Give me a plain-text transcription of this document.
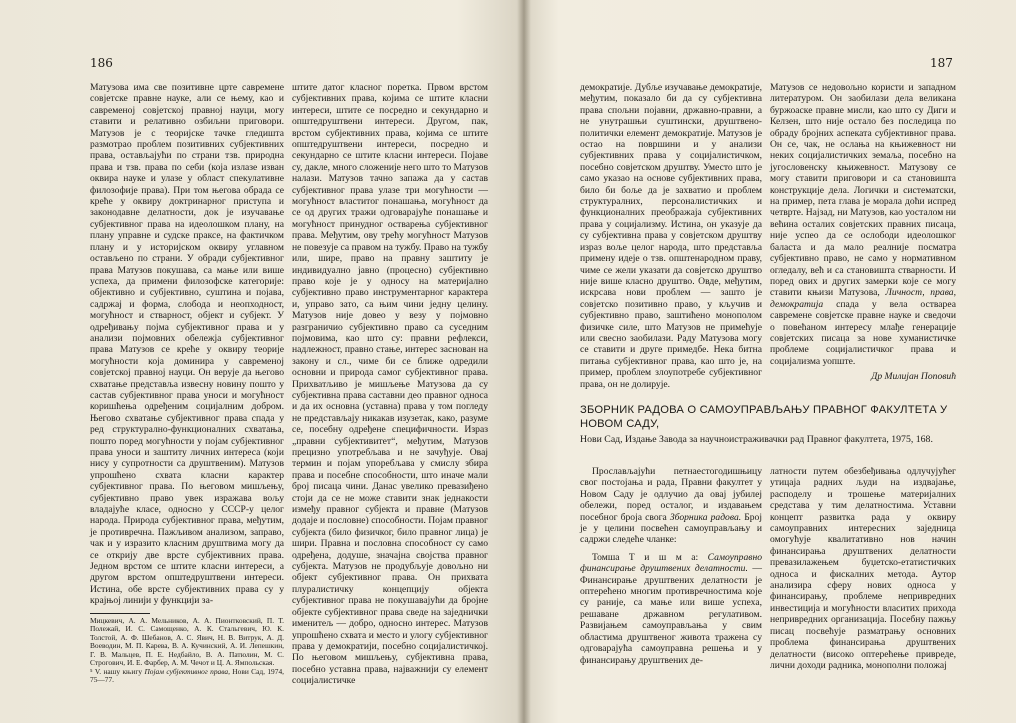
186

Матузова има све позитивне црте савремене совјетске правне науке, али се њему, као и савременој совјетској правној науци, могу ставити и релативно озбиљни приговори. Матузов је с теоријске тачке гледишта размотрао проблем позитивних субјективних права, остављајући по страни тзв. природна права и тзв. права по себи (која излазе изван оквира науке и улазе у област спекулативне филозофије права). При том његова обрада се креће у оквиру доктринарног приступа и законодавне делатности, док је изучавање субјективног права на идеолошком плану, на плану управне и судске праксе, на фактичком плану и у историјском оквиру углавном остављено по страни. У обради субјективног права Матузов покушава, са мање или више успеха, да примени филозофске категорије: објективно и субјективно, суштина и појава, садржај и форма, слобода и неопходност, могућност и стварност, објект и субјект. У одређивању појма субјективног права и у анализи појмовних обележја субјективног права Матузов се креће у оквиру теорије могућности која доминира у савременој совјетској правној науци. Он верује да његово схватање представља извесну новину пошто у састав субјективног права уноси и могућност коришћења одређеним социјалним добром. Његово схватање субјективног права спада у ред структурално-функционалних схватања, пошто поред могућности у појам субјективног права уноси и заштиту личних интереса (који нису у супротности са друштвеним). Матузов упрошћено схвата класни карактер субјективног права. По његовом мишљењу, субјективно право увек изражава вољу владајуће класе, односно у СССР-у целог народа. Природа субјективног права, међутим, је противречна. Пажљивом анализом, заправо, чак и у изразито класним друштвима могу да се открију две врсте субјективних права. Једном врстом се штите класни интереси, а другом врстом општедруштвени интереси. Истина, обе врсте субјективних права су у крајњој линији у функцији за-

Мицкевич, А. А. Мельников, А. А. Пионтковский, П. Т. Полежай, И. С. Самощенко, А. К. Стальгевич, Ю. К. Толстой, А. Ф. Шебанов, А. С. Явич, Н. В. Витрук, А. Д. Воеводин, М. П. Карева, В. А. Кучинский, А. И. Лепешкин, Г. В. Мальцев, П. Е. Недбайло, В. А. Патюлин, М. С. Строгович, И. Е. Фарбер, А. М. Чечот и Ц. А. Ямпольская.

⁵ V. нашу књигу Појам субјективног права, Нови Сад, 1974, 75—77.

штите датог класног поретка. Првом врстом субјективних права, којима се штите класни интереси, штите се посредно и секундарно и општедруштвени интереси. Другом, пак, врстом субјективних права, којима се штите општедруштвени интереси, посредно и секундарно се штите класни интереси. Појаве су, дакле, много сложеније него што то Матузов налази. Матузов тачно запажа да у састав субјективног права улазе три могућности — могућност властитог понашања, могућност да се од других тражи одговарајуће понашање и могућност принудног остварења субјективног права. Међутим, ову трећу могућност Матузов не повезује са правом на тужбу. Право на тужбу или, шире, право на правну заштиту је индивидуално јавно (процесно) субјективно право које је у односу на материјално субјективно право инструментарног карактера и, управо зато, са њим чини једну целину. Матузов није довео у везу у појмовно разграничио субјективно право са суседним појмовима, као што су: правни рефлекси, надлежност, правно стање, интерес заснован на закону и сл., чиме би се ближе одредили основни и природа самог субјективног права. Прихватљиво је мишљење Матузова да су субјективна права саставни део правног односа и да их основна (уставна) права у том погледу не представљају никакав изузетак, како, разуме се, посебну одређене специфичности. Израз „правни субјективитет“, међутим, Матузов прецизно употребљава и не зачуђује. Овај термин и појам упоребљава у смислу збира права и посебне способности, што иначе мали број писаца чини. Данас увелико превазиђено стоји да се не може ставити знак једнакости између правног субјекта и правне (Матузов додаје и пословне) способности. Појам правног субјекта (било физичког, било правног лица) је шири. Правна и пословна способност су само одређена, додуше, значајна својства правног субјекта. Матузов не продубљује довољно ни објект субјективног права. Он прихвата плуралистичку концепцију објекта субјективног права не покушавајући да бројне објекте субјективног права сведе на заједнички именитељ — добро, односно интерес. Матузов упрошћено схвата и место и улогу субјективног права у демократији, посебно социјалистичкој. По његовом мишљењу, субјективна права, посебно уставна права, најважнији су елемент социјалистичке

187

демократије. Дубље изучавање демократије, међутим, показало би да су субјективна права спољни појавни, државно-правни, а не унутрашњи суштински, друштвено-политички елемент демократије. Матузов је остао на површини и у анализи субјективних права у социјалистичком, посебно совјетском друштву. Уместо што је само указао на основе субјективних права, било би боље да је захватио и проблем структуралних, персоналистичких и функционалних преображаја субјективних права у социјализму. Истина, он указује да су субјективна права у совјетском друштву израз воље целог народа, што представља примену идеје о тзв. општенародном праву, чиме се жели указати да совјетско друштво није више класно друштво. Овде, међутим, искрсава нови проблем — зашто је совјетско позитивно право, у кључив и субјективно право, заштићено монополом физичке силе, што Матузов не примећује или свесно заобилази. Раду Матузова могу се ставити и друге примедбе. Нека битна питања субјективног права, као што је, на пример, проблем злоупотребе субјективног права, он не долирује.

Матузов се недовољно користи и западном литературом. Он заобилази дела великана буржоаске правне мисли, као што су Диги и Келзен, што није остало без последица по обраду бројних аспеката субјективног права. Он се, чак, не ослања на књижевност ни неких социјалистичких земаља, посебно на југословенску књижевност. Матузову се могу ставити приговори и са становишта конструкције дела. Логички и систематски, на пример, пета глава је морала доћи испред четврте. Најзад, ни Матузов, као уосталом ни већина осталих совјетских правних писаца, није успео да се ослободи идеолошког баласта и да мало реалније посматра субјективно право, не само у нормативном огледалу, већ и са становишта стварности. И поред ових и других замерки које се могу ставити књизи Матузова, Личност, права, демократија спада у вела оствареа савремене совјетске правне науке и сведочи о повећаном интересу млађе генерације совјетских писаца за нове хуманистичке проблеме социјалистичког права и социјализма уопште.

Др Милијан Поповић

ЗБОРНИК РАДОВА О САМОУПРАВЉАЊУ ПРАВНОГ ФАКУЛТЕТА У НОВОМ САДУ,
Нови Сад, Издање Завода за научноистраживачки рад Правног факултета, 1975, 168.

Прослављајући петнаестогодишњицу свог постојања и рада, Правни факултет у Новом Саду је одлучио да овај јубилеј обележи, поред осталог, и издавањем посебног броја свога Зборника радова. Број је у целини посвећен самоуправљању и садржи следеће чланке:

Томша Т и ш м а: Самоуправно финансирање друштвених делатности. — Финансирање друштвених делатности је оптерећено многим противречностима које су раније, са мање или више успеха, решаване државном регулативом. Развијањем самоуправљања у свим областима друштвеног живота тражена су одговарајућа самоуправна решења и у финансирању друштвених де-

латности путем обезбеђивања одлучујућег утицаја радних људи на издвајање, расподелу и трошење материјалних средстава у тим делатностима. Уставни концепт развитка рада у оквиру самоуправних интересних заједница омогућује квалитативно нов начин финансирања друштвених делатности превазилажењем буџетско-етатистичких односа и фискалних метода. Аутор анализира сферу нових односа у финансирању, проблеме непривредних инвестиција и могућности власитих прихода непривредних организација. Посебну пажњу писац посвећује разматрању основних проблема финансирања друштвених делатности (високо оптерећење привреде, лични доходи радника, монополни положај
